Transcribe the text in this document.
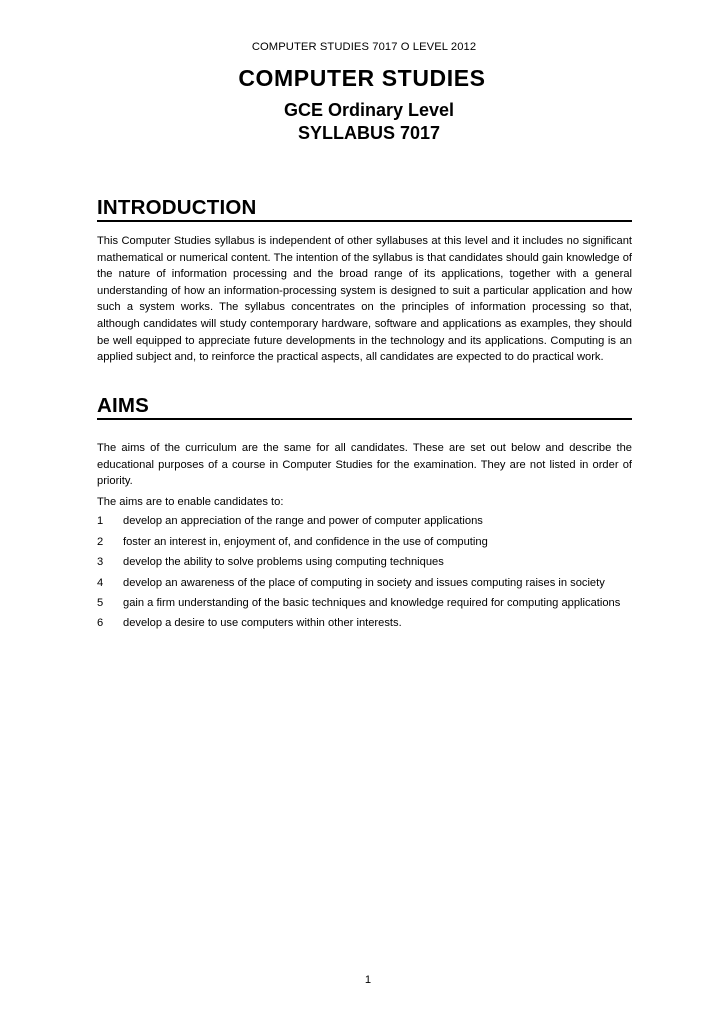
COMPUTER STUDIES 7017 O LEVEL 2012
COMPUTER STUDIES
GCE Ordinary Level
SYLLABUS 7017
INTRODUCTION

This Computer Studies syllabus is independent of other syllabuses at this level and it includes no significant mathematical or numerical content. The intention of the syllabus is that candidates should gain knowledge of the nature of information processing and the broad range of its applications, together with a general understanding of how an information-processing system is designed to suit a particular application and how such a system works. The syllabus concentrates on the principles of information processing so that, although candidates will study contemporary hardware, software and applications as examples, they should be well equipped to appreciate future developments in the technology and its applications. Computing is an applied subject and, to reinforce the practical aspects, all candidates are expected to do practical work.

AIMS

The aims of the curriculum are the same for all candidates. These are set out below and describe the educational purposes of a course in Computer Studies for the examination. They are not listed in order of priority.

The aims are to enable candidates to:

1	develop an appreciation of the range and power of computer applications
2	foster an interest in, enjoyment of, and confidence in the use of computing
3	develop the ability to solve problems using computing techniques
4	develop an awareness of the place of computing in society and issues computing raises in society
5	gain a firm understanding of the basic techniques and knowledge required for computing applications
6	develop a desire to use computers within other interests.
1
